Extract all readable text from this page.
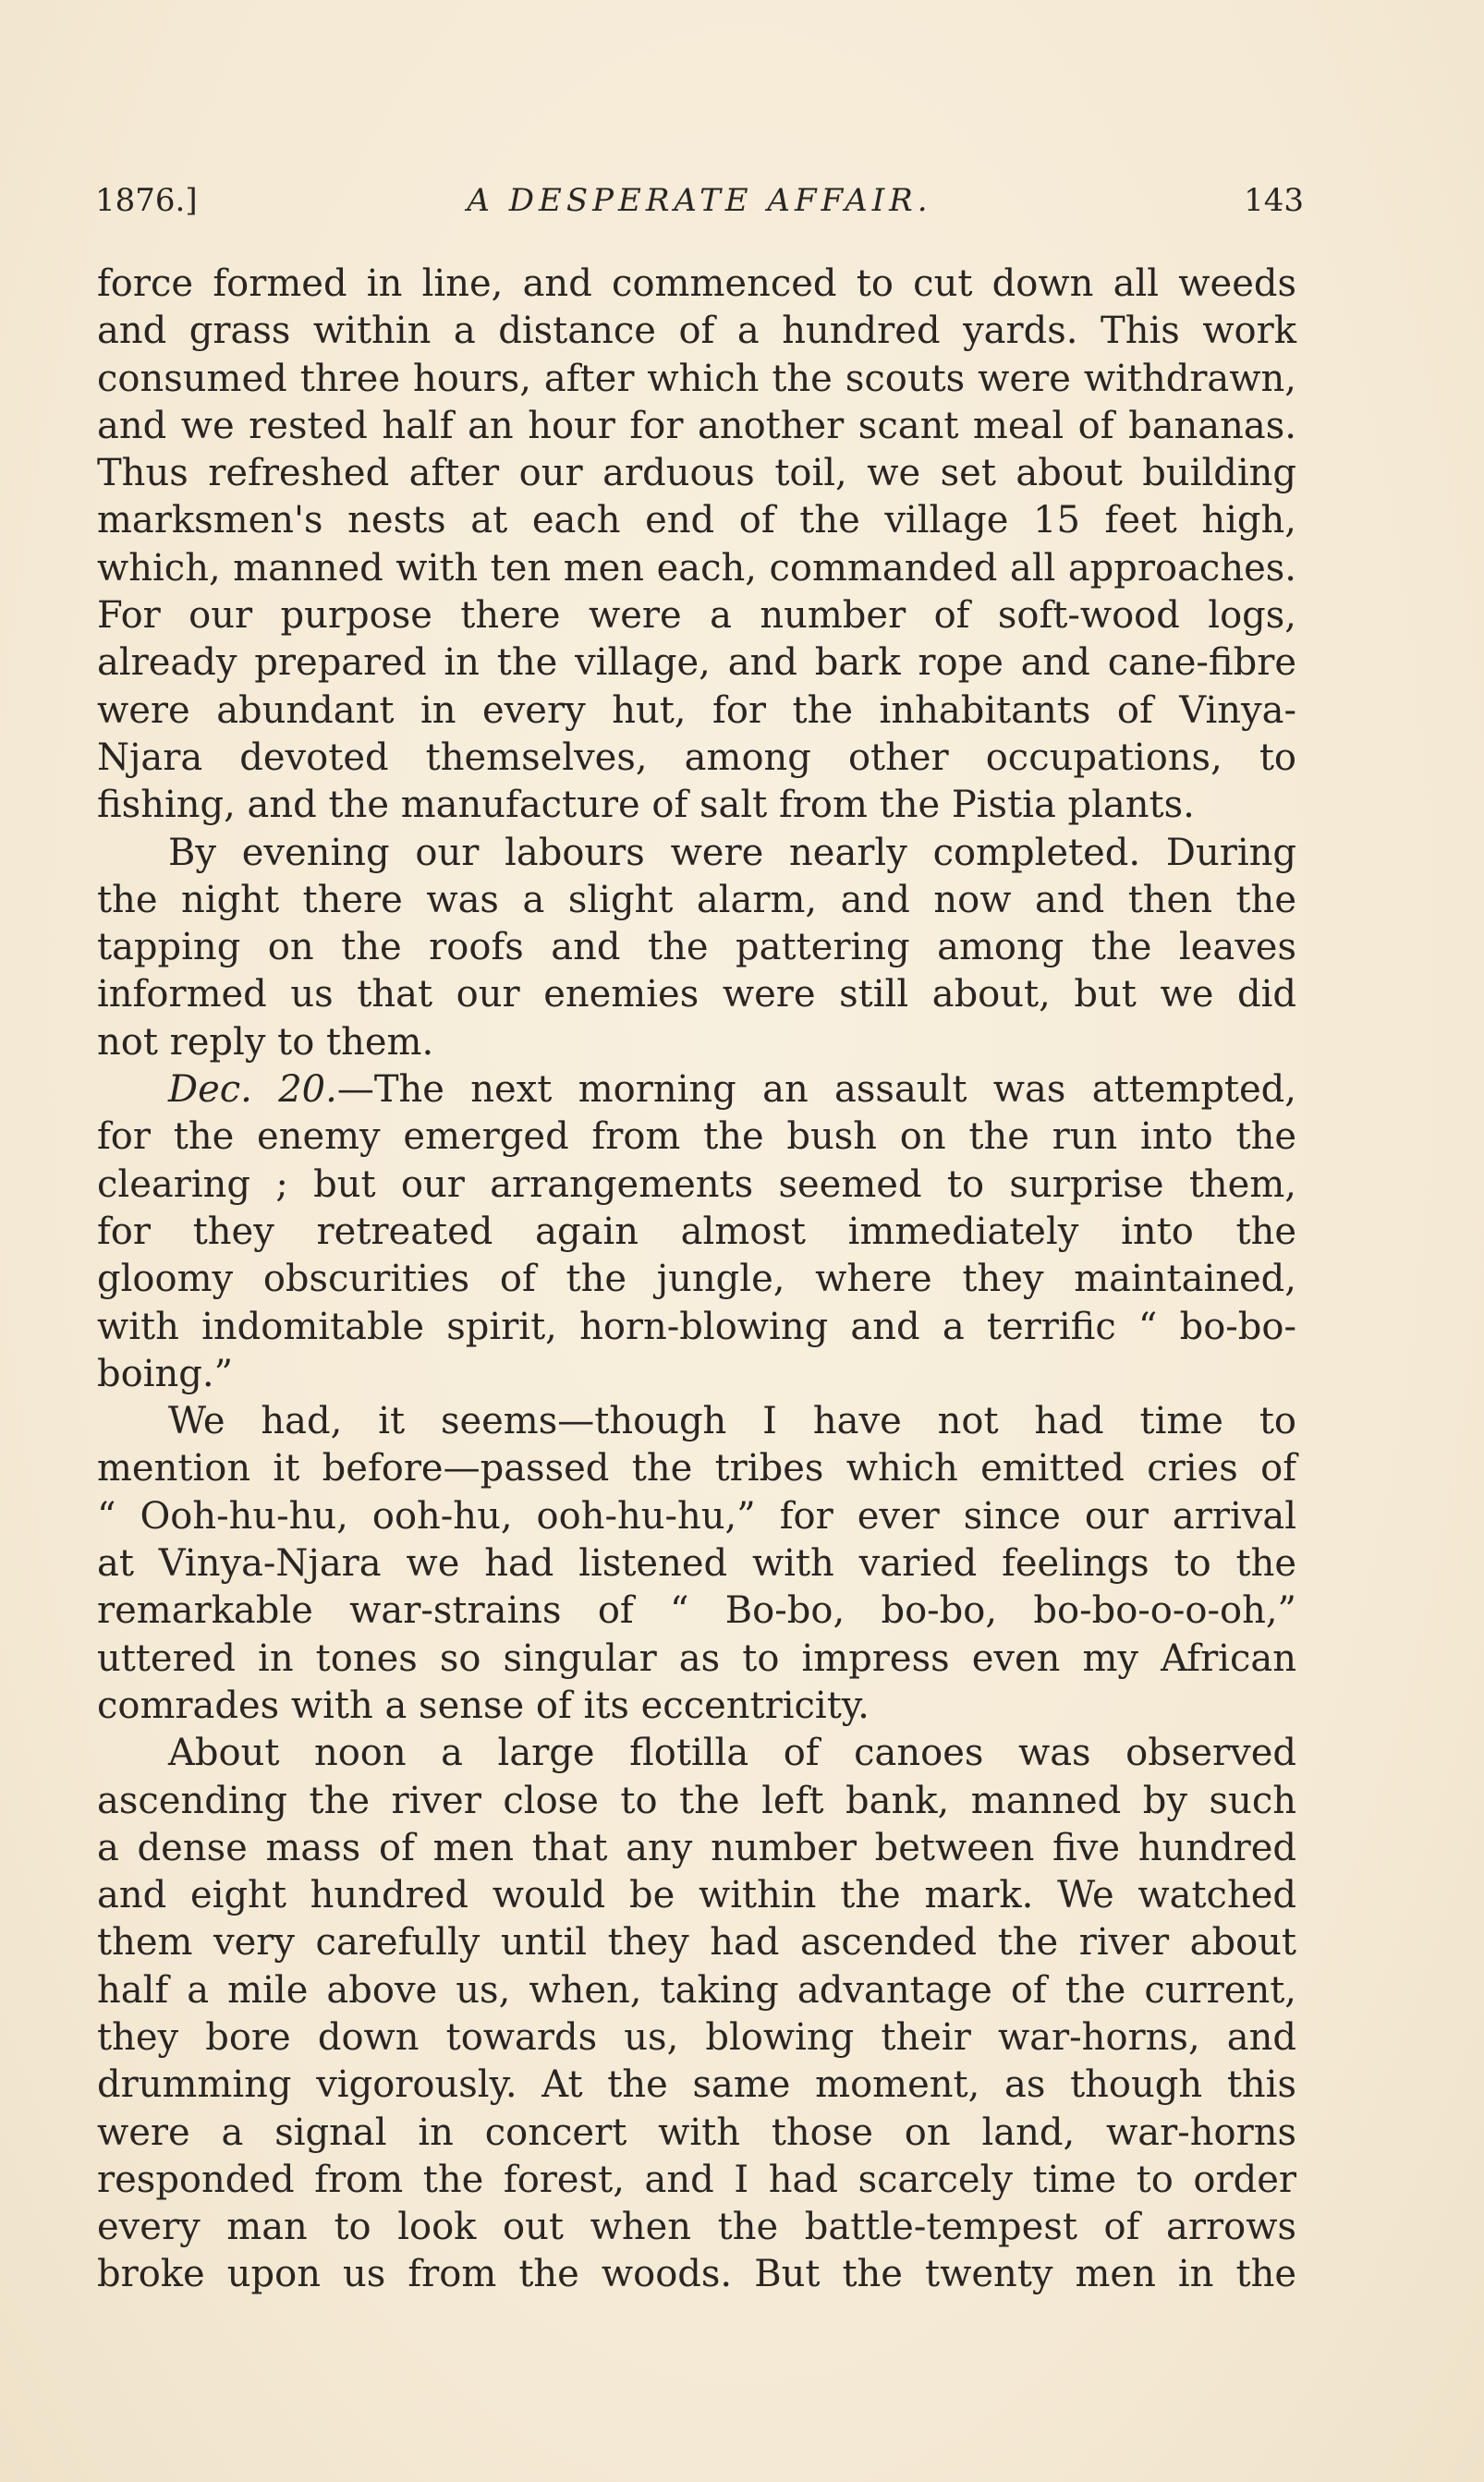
1876.]	A DESPERATE AFFAIR.	143
force formed in line, and commenced to cut down all weeds
and grass within a distance of a hundred yards. This work
consumed three hours, after which the scouts were withdrawn,
and we rested half an hour for another scant meal of bananas.
Thus refreshed after our arduous toil, we set about building
marksmen's nests at each end of the village 15 feet high,
which, manned with ten men each, commanded all approaches.
For our purpose there were a number of soft-wood logs,
already prepared in the village, and bark rope and cane-fibre
were abundant in every hut, for the inhabitants of Vinya-
Njara devoted themselves, among other occupations, to
fishing, and the manufacture of salt from the Pistia plants.
By evening our labours were nearly completed. During
the night there was a slight alarm, and now and then the
tapping on the roofs and the pattering among the leaves
informed us that our enemies were still about, but we did
not reply to them.
Dec. 20.—The next morning an assault was attempted,
for the enemy emerged from the bush on the run into the
clearing ; but our arrangements seemed to surprise them,
for they retreated again almost immediately into the
gloomy obscurities of the jungle, where they maintained,
with indomitable spirit, horn-blowing and a terrific “ bo-bo-
boing.”
We had, it seems—though I have not had time to
mention it before—passed the tribes which emitted cries of
“ Ooh-hu-hu, ooh-hu, ooh-hu-hu,” for ever since our arrival
at Vinya-Njara we had listened with varied feelings to the
remarkable war-strains of “ Bo-bo, bo-bo, bo-bo-o-o-oh,”
uttered in tones so singular as to impress even my African
comrades with a sense of its eccentricity.
About noon a large flotilla of canoes was observed
ascending the river close to the left bank, manned by such
a dense mass of men that any number between five hundred
and eight hundred would be within the mark. We watched
them very carefully until they had ascended the river about
half a mile above us, when, taking advantage of the current,
they bore down towards us, blowing their war-horns, and
drumming vigorously. At the same moment, as though this
were a signal in concert with those on land, war-horns
responded from the forest, and I had scarcely time to order
every man to look out when the battle-tempest of arrows
broke upon us from the woods. But the twenty men in the
